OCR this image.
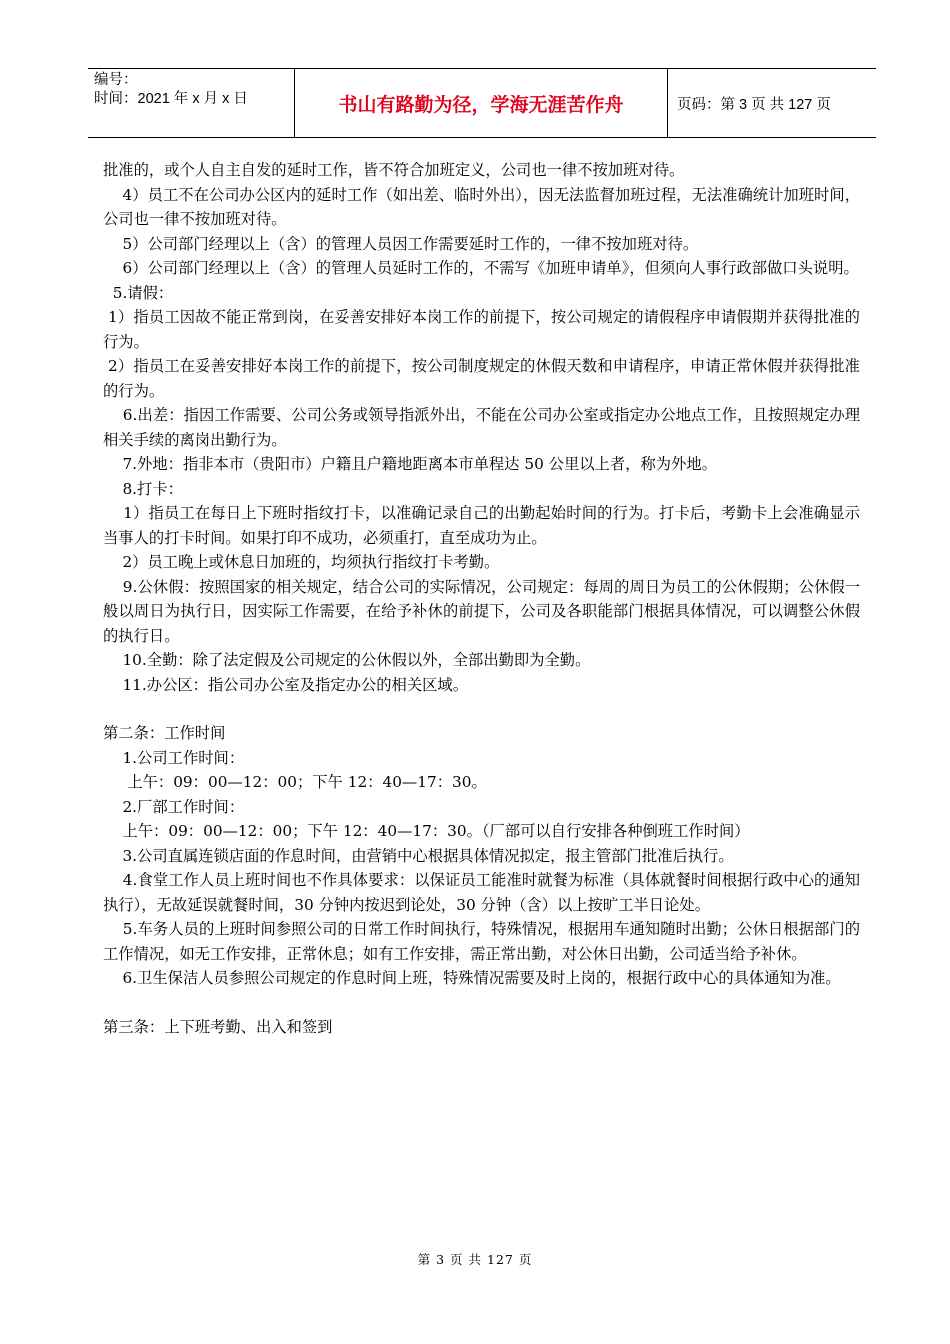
编号：
时间：2021 年 x 月 x 日	书山有路勤为径，学海无涯苦作舟	页码：第 3 页 共 127 页

批准的，或个人自主自发的延时工作，皆不符合加班定义，公司也一律不按加班对待。

4）员工不在公司办公区内的延时工作（如出差、临时外出），因无法监督加班过程，无法准确统计加班时间，公司也一律不按加班对待。

5）公司部门经理以上（含）的管理人员因工作需要延时工作的，一律不按加班对待。

6）公司部门经理以上（含）的管理人员延时工作的，不需写《加班申请单》，但须向人事行政部做口头说明。

5.请假：

1）指员工因故不能正常到岗，在妥善安排好本岗工作的前提下，按公司规定的请假程序申请假期并获得批准的行为。

2）指员工在妥善安排好本岗工作的前提下，按公司制度规定的休假天数和申请程序，申请正常休假并获得批准的行为。

6.出差：指因工作需要、公司公务或领导指派外出，不能在公司办公室或指定办公地点工作，且按照规定办理相关手续的离岗出勤行为。

7.外地：指非本市（贵阳市）户籍且户籍地距离本市单程达 50 公里以上者，称为外地。

8.打卡：

1）指员工在每日上下班时指纹打卡，以准确记录自己的出勤起始时间的行为。打卡后，考勤卡上会准确显示当事人的打卡时间。如果打印不成功，必须重打，直至成功为止。

2）员工晚上或休息日加班的，均须执行指纹打卡考勤。

9.公休假：按照国家的相关规定，结合公司的实际情况，公司规定：每周的周日为员工的公休假期；公休假一般以周日为执行日，因实际工作需要，在给予补休的前提下，公司及各职能部门根据具体情况，可以调整公休假的执行日。

10.全勤：除了法定假及公司规定的公休假以外，全部出勤即为全勤。

11.办公区：指公司办公室及指定办公的相关区域。

第二条：工作时间

1.公司工作时间：

上午：09：00—12：00；下午 12：40—17：30。

2.厂部工作时间：

上午：09：00—12：00；下午 12：40—17：30。（厂部可以自行安排各种倒班工作时间）

3.公司直属连锁店面的作息时间，由营销中心根据具体情况拟定，报主管部门批准后执行。

4.食堂工作人员上班时间也不作具体要求：以保证员工能准时就餐为标准（具体就餐时间根据行政中心的通知执行），无故延误就餐时间，30 分钟内按迟到论处，30 分钟（含）以上按旷工半日论处。

5.车务人员的上班时间参照公司的日常工作时间执行，特殊情况，根据用车通知随时出勤；公休日根据部门的工作情况，如无工作安排，正常休息；如有工作安排，需正常出勤，对公休日出勤，公司适当给予补休。

6.卫生保洁人员参照公司规定的作息时间上班，特殊情况需要及时上岗的，根据行政中心的具体通知为准。

第三条：上下班考勤、出入和签到

第 3 页 共 127 页
